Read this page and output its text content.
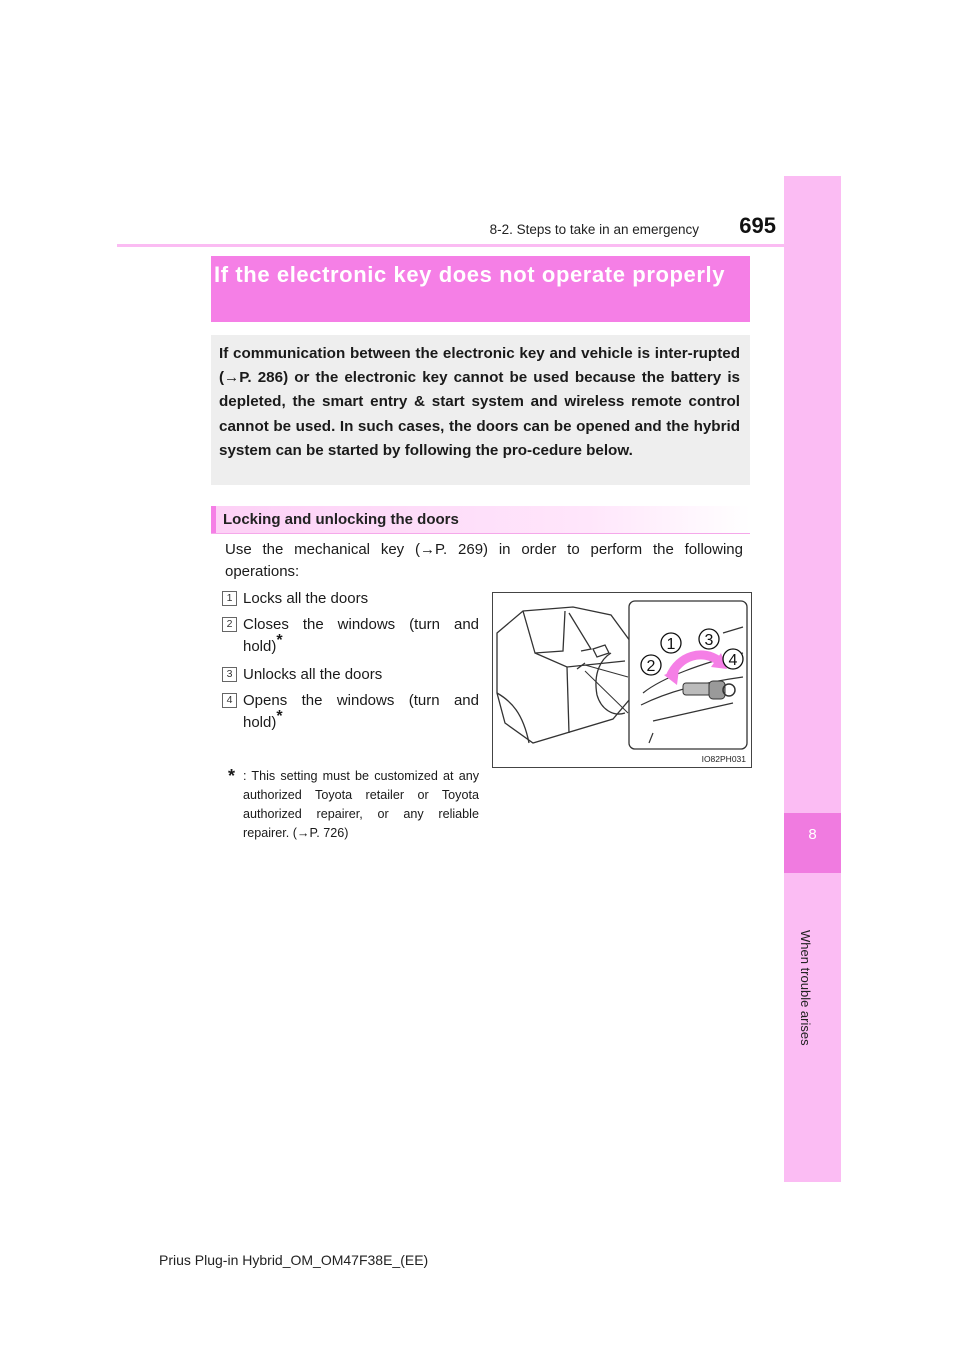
8
When trouble arises
8-2. Steps to take in an emergency	695
If the electronic key does not operate properly
If communication between the electronic key and vehicle is inter-rupted (→P. 286) or the electronic key cannot be used because the battery is depleted, the smart entry & start system and wireless remote control cannot be used. In such cases, the doors can be opened and the hybrid system can be started by following the pro-cedure below.
Locking and unlocking the doors
Use the mechanical key (→P. 269) in order to perform the following operations:
1 Locks all the doors
2 Closes the windows (turn and hold)*
3 Unlocks all the doors
4 Opens the windows (turn and hold)*
* : This setting must be customized at any authorized Toyota retailer or Toyota authorized repairer, or any reliable repairer. (→P. 726)
1
2
3
4
IO82PH031
Prius Plug-in Hybrid_OM_OM47F38E_(EE)
